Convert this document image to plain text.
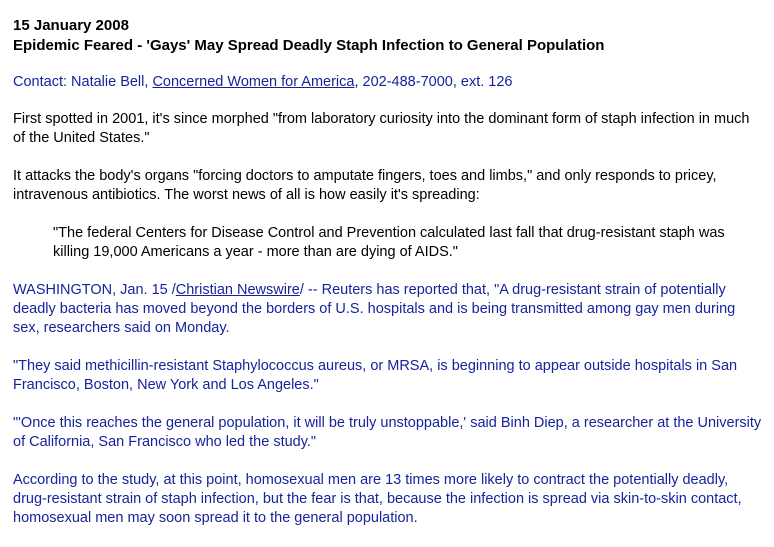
15 January 2008

Epidemic Feared - 'Gays' May Spread Deadly Staph Infection to General Population

Contact: Natalie Bell, Concerned Women for America, 202-488-7000, ext. 126

First spotted in 2001, it's since morphed "from laboratory curiosity into the dominant form of staph infection in much of the United States."

It attacks the body's organs "forcing doctors to amputate fingers, toes and limbs," and only responds to pricey, intravenous antibiotics. The worst news of all is how easily it's spreading:

"The federal Centers for Disease Control and Prevention calculated last fall that drug-resistant staph was killing 19,000 Americans a year - more than are dying of AIDS."

WASHINGTON, Jan. 15 /Christian Newswire/ -- Reuters has reported that, "A drug-resistant strain of potentially deadly bacteria has moved beyond the borders of U.S. hospitals and is being transmitted among gay men during sex, researchers said on Monday.

"They said methicillin-resistant Staphylococcus aureus, or MRSA, is beginning to appear outside hospitals in San Francisco, Boston, New York and Los Angeles."

"'Once this reaches the general population, it will be truly unstoppable,' said Binh Diep, a researcher at the University of California, San Francisco who led the study."

According to the study, at this point, homosexual men are 13 times more likely to contract the potentially deadly, drug-resistant strain of staph infection, but the fear is that, because the infection is spread via skin-to-skin contact, homosexual men may soon spread it to the general population.
